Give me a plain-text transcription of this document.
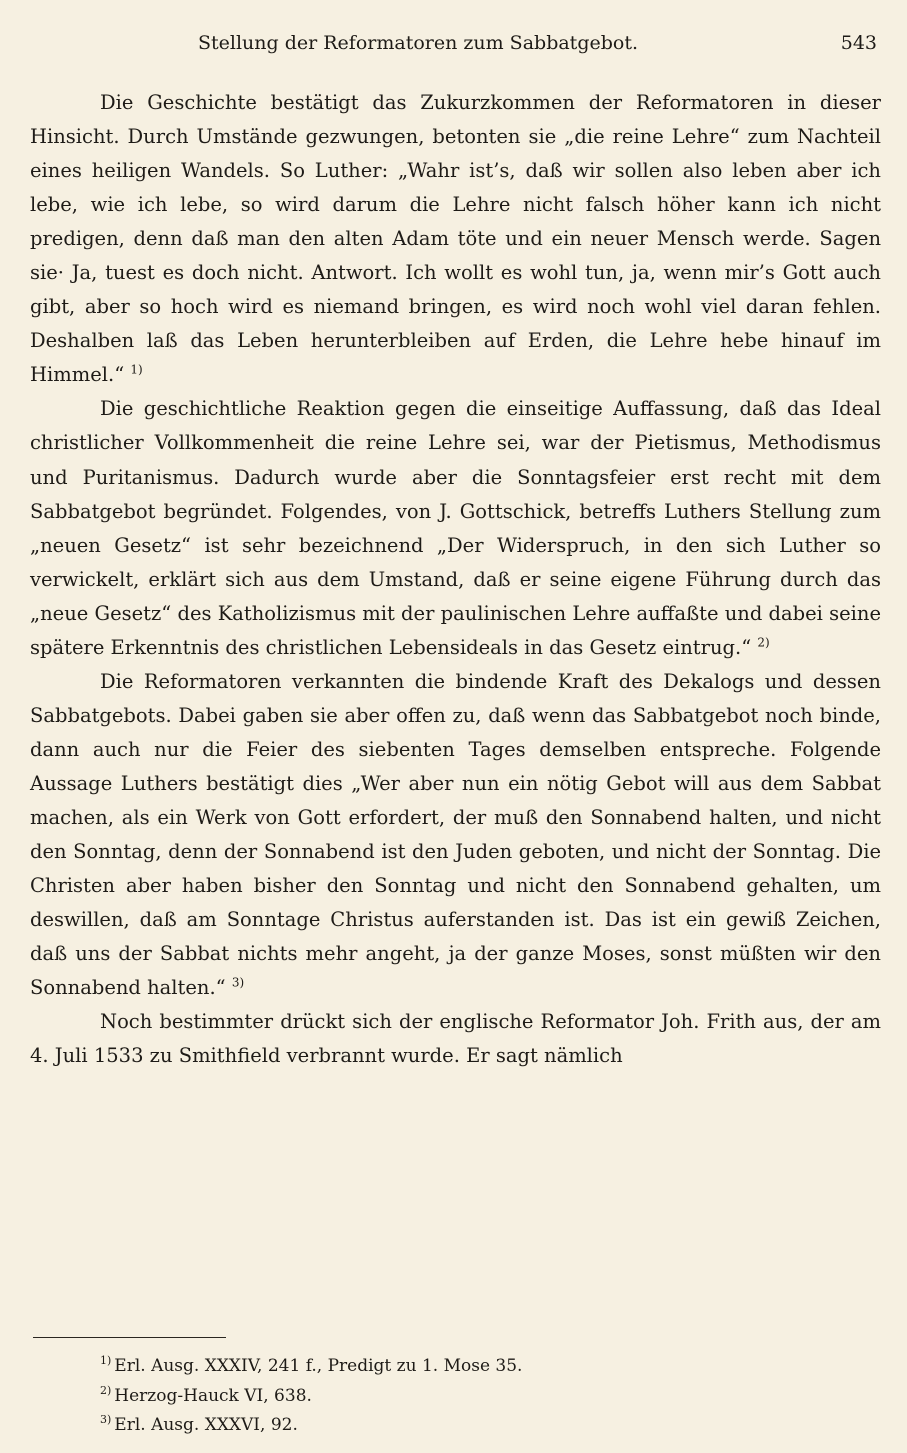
Stellung der Reformatoren zum Sabbatgebot.	543

Die Geschichte bestätigt das Zukurzkommen der Reformatoren in dieser Hinsicht. Durch Umstände gezwungen, betonten sie „die reine Lehre“ zum Nachteil eines heiligen Wandels. So Luther: „Wahr ist’s, daß wir sollen also leben aber ich lebe, wie ich lebe, so wird darum die Lehre nicht falsch höher kann ich nicht predigen, denn daß man den alten Adam töte und ein neuer Mensch werde. Sagen sie· Ja, tuest es doch nicht. Antwort. Ich wollt es wohl tun, ja, wenn mir’s Gott auch gibt, aber so hoch wird es niemand bringen, es wird noch wohl viel daran fehlen. Deshalben laß das Leben herunterbleiben auf Erden, die Lehre hebe hinauf im Himmel.“ $^{1)}$

Die geschichtliche Reaktion gegen die einseitige Auffassung, daß das Ideal christlicher Vollkommenheit die reine Lehre sei, war der Pietismus, Methodismus und Puritanismus. Dadurch wurde aber die Sonntagsfeier erst recht mit dem Sabbatgebot begründet. Folgendes, von J. Gottschick, betreffs Luthers Stellung zum „neuen Gesetz“ ist sehr bezeichnend „Der Widerspruch, in den sich Luther so verwickelt, erklärt sich aus dem Umstand, daß er seine eigene Führung durch das „neue Gesetz“ des Katholizismus mit der paulinischen Lehre auffaßte und dabei seine spätere Erkenntnis des christlichen Lebensideals in das Gesetz eintrug.“ $^{2)}$

Die Reformatoren verkannten die bindende Kraft des Dekalogs und dessen Sabbatgebots. Dabei gaben sie aber offen zu, daß wenn das Sabbatgebot noch binde, dann auch nur die Feier des siebenten Tages demselben entspreche. Folgende Aussage Luthers bestätigt dies „Wer aber nun ein nötig Gebot will aus dem Sabbat machen, als ein Werk von Gott erfordert, der muß den Sonnabend halten, und nicht den Sonntag, denn der Sonnabend ist den Juden geboten, und nicht der Sonntag. Die Christen aber haben bisher den Sonntag und nicht den Sonnabend gehalten, um deswillen, daß am Sonntage Christus auferstanden ist. Das ist ein gewiß Zeichen, daß uns der Sabbat nichts mehr angeht, ja der ganze Moses, sonst müßten wir den Sonnabend halten.“ $^{3)}$

Noch bestimmter drückt sich der englische Reformator Joh. Frith aus, der am 4. Juli 1533 zu Smithfield verbrannt wurde. Er sagt nämlich

$^{1)}$ Erl. Ausg. XXXIV, 241 f., Predigt zu 1. Mose 35.
$^{2)}$ Herzog-Hauck VI, 638.
$^{3)}$ Erl. Ausg. XXXVI, 92.
